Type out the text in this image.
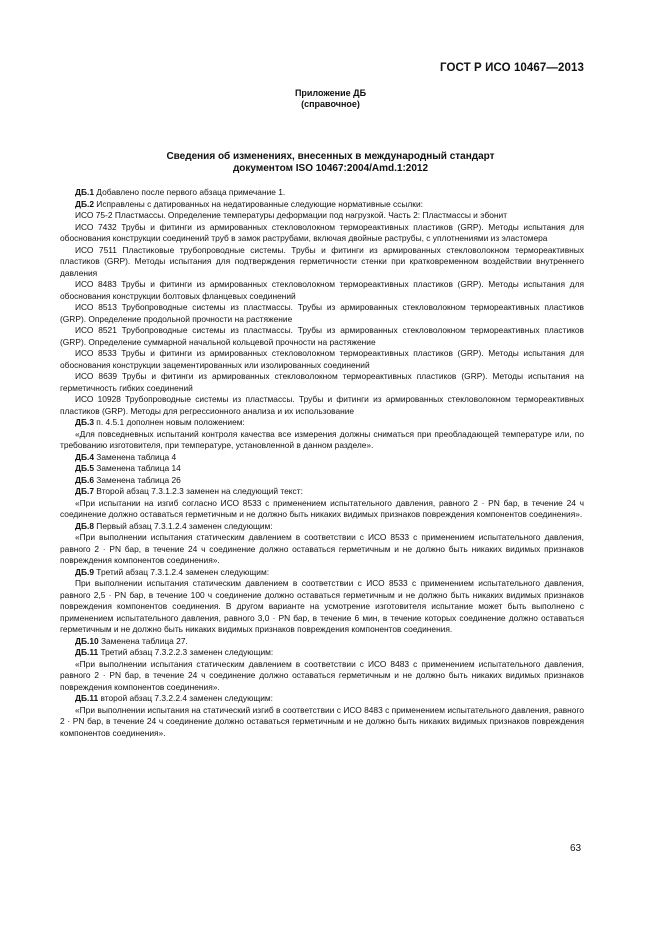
ГОСТ Р ИСО 10467—2013
Приложение ДБ
(справочное)
Сведения об изменениях, внесенных в международный стандарт
документом ISO 10467:2004/Amd.1:2012

ДБ.1 Добавлено после первого абзаца примечание 1.

ДБ.2 Исправлены с датированных на недатированные следующие нормативные ссылки:

ИСО 75-2 Пластмассы. Определение температуры деформации под нагрузкой. Часть 2: Пластмассы и эбонит

ИСО 7432 Трубы и фитинги из армированных стекловолокном термореактивных пластиков (GRP). Методы испытания для обоснования конструкции соединений труб в замок раструбами, включая двойные раструбы, с уплотнениями из эластомера

ИСО 7511 Пластиковые трубопроводные системы. Трубы и фитинги из армированных стекловолокном термореактивных пластиков (GRP). Методы испытания для подтверждения герметичности стенки при кратковременном воздействии внутреннего давления

ИСО 8483 Трубы и фитинги из армированных стекловолокном термореактивных пластиков (GRP). Методы испытания для обоснования конструкции болтовых фланцевых соединений

ИСО 8513 Трубопроводные системы из пластмассы. Трубы из армированных стекловолокном термореактивных пластиков (GRP). Определение продольной прочности на растяжение

ИСО 8521 Трубопроводные системы из пластмассы. Трубы из армированных стекловолокном термореактивных пластиков (GRP). Определение суммарной начальной кольцевой прочности на растяжение

ИСО 8533 Трубы и фитинги из армированных стекловолокном термореактивных пластиков (GRP). Методы испытания для обоснования конструкции зацементированных или изолированных соединений

ИСО 8639 Трубы и фитинги из армированных стекловолокном термореактивных пластиков (GRP). Методы испытания на герметичность гибких соединений

ИСО 10928 Трубопроводные системы из пластмассы. Трубы и фитинги из армированных стекловолокном термореактивных пластиков (GRP). Методы для регрессионного анализа и их использование

ДБ.3 п. 4.5.1 дополнен новым положением:

«Для повседневных испытаний контроля качества все измерения должны сниматься при преобладающей температуре или, по требованию изготовителя, при температуре, установленной в данном разделе».

ДБ.4 Заменена таблица 4

ДБ.5 Заменена таблица 14

ДБ.6 Заменена таблица 26

ДБ.7 Второй абзац 7.3.1.2.3 заменен на следующий текст:

«При испытании на изгиб согласно ИСО 8533 с применением испытательного давления, равного 2 · PN бар, в течение 24 ч соединение должно оставаться герметичным и не должно быть никаких видимых признаков повреждения компонентов соединения».

ДБ.8 Первый абзац 7.3.1.2.4 заменен следующим:

«При выполнении испытания статическим давлением в соответствии с ИСО 8533 с применением испытательного давления, равного 2 · PN бар, в течение 24 ч соединение должно оставаться герметичным и не должно быть никаких видимых признаков повреждения компонентов соединения».

ДБ.9 Третий абзац 7.3.1.2.4 заменен следующим:

При выполнении испытания статическим давлением в соответствии с ИСО 8533 с применением испытательного давления, равного 2,5 · PN бар, в течение 100 ч соединение должно оставаться герметичным и не должно быть никаких видимых признаков повреждения компонентов соединения. В другом варианте на усмотрение изготовителя испытание может быть выполнено с применением испытательного давления, равного 3,0 · PN бар, в течение 6 мин, в течение которых соединение должно оставаться герметичным и не должно быть никаких видимых признаков повреждения компонентов соединения.

ДБ.10 Заменена таблица 27.

ДБ.11 Третий абзац 7.3.2.2.3 заменен следующим:

«При выполнении испытания статическим давлением в соответствии с ИСО 8483 с применением испытательного давления, равного 2 · PN бар, в течение 24 ч соединение должно оставаться герметичным и не должно быть никаких видимых признаков повреждения компонентов соединения».

ДБ.11 второй абзац 7.3.2.2.4 заменен следующим:

«При выполнении испытания на статический изгиб в соответствии с ИСО 8483 с применением испытательного давления, равного 2 · PN бар, в течение 24 ч соединение должно оставаться герметичным и не должно быть никаких видимых признаков повреждения компонентов соединения».

63
